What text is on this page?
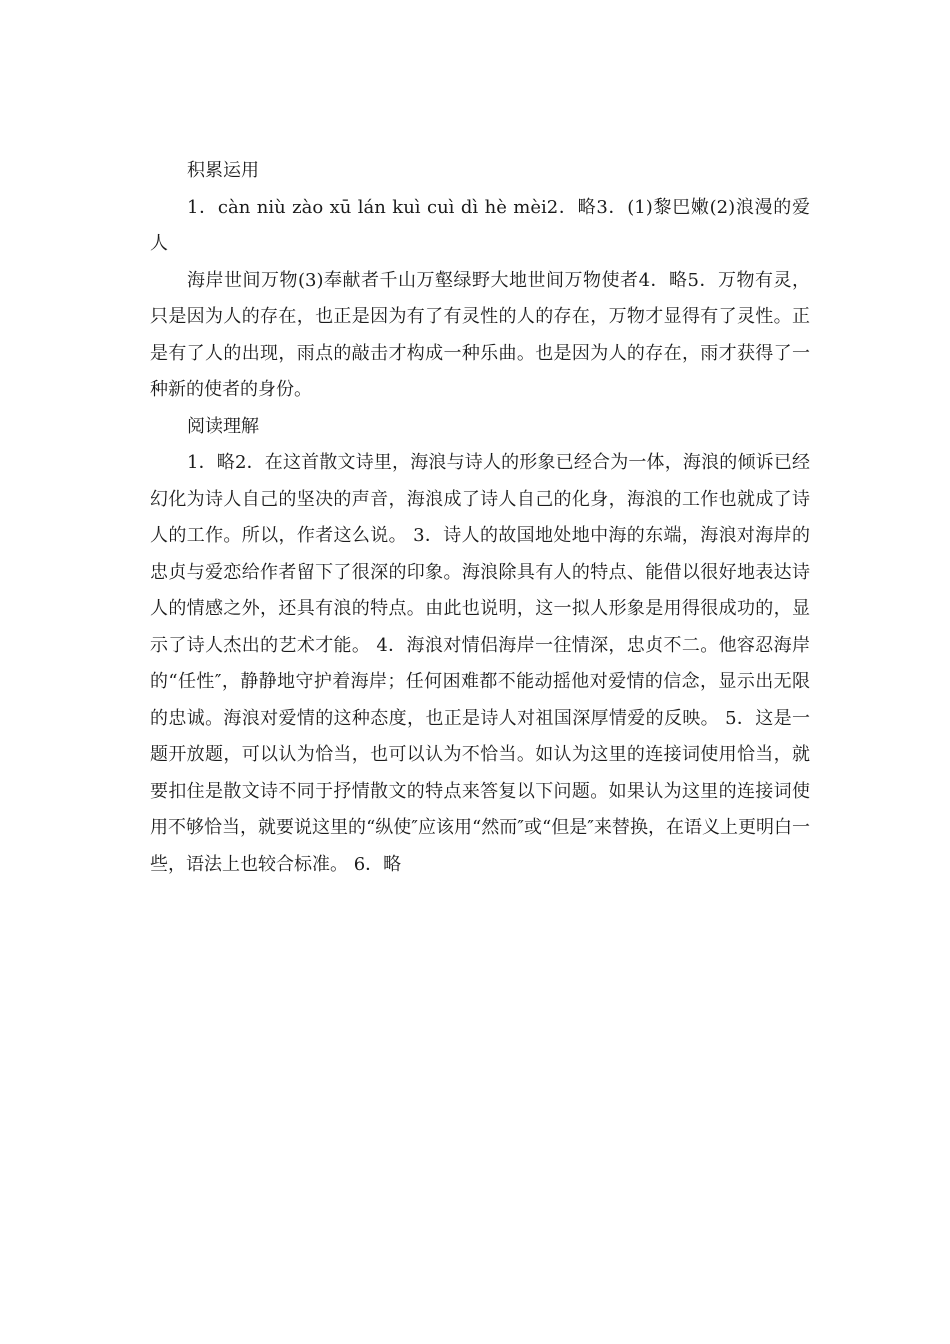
积累运用

1．càn niù zào xū lán kuì cuì dì hè mèi2．略3．(1)黎巴嫩(2)浪漫的爱人

海岸世间万物(3)奉献者千山万壑绿野大地世间万物使者4．略5．万物有灵，只是因为人的存在，也正是因为有了有灵性的人的存在，万物才显得有了灵性。正是有了人的出现，雨点的敲击才构成一种乐曲。也是因为人的存在，雨才获得了一种新的使者的身份。

阅读理解

1．略2．在这首散文诗里，海浪与诗人的形象已经合为一体，海浪的倾诉已经幻化为诗人自己的坚决的声音，海浪成了诗人自己的化身，海浪的工作也就成了诗人的工作。所以，作者这么说。 3．诗人的故国地处地中海的东端，海浪对海岸的忠贞与爱恋给作者留下了很深的印象。海浪除具有人的特点、能借以很好地表达诗人的情感之外，还具有浪的特点。由此也说明，这一拟人形象是用得很成功的，显示了诗人杰出的艺术才能。 4．海浪对情侣海岸一往情深，忠贞不二。他容忍海岸的“任性″，静静地守护着海岸；任何困难都不能动摇他对爱情的信念，显示出无限的忠诚。海浪对爱情的这种态度，也正是诗人对祖国深厚情爱的反映。 5．这是一题开放题，可以认为恰当，也可以认为不恰当。如认为这里的连接词使用恰当，就要扣住是散文诗不同于抒情散文的特点来答复以下问题。如果认为这里的连接词使用不够恰当，就要说这里的“纵使″应该用“然而″或“但是″来替换，在语义上更明白一些，语法上也较合标准。 6．略
